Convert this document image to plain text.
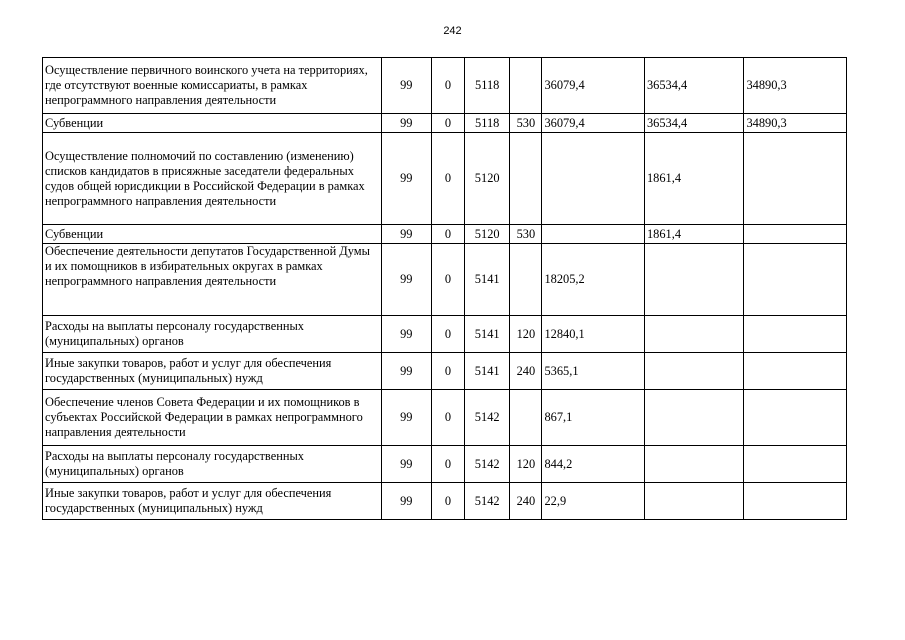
242
Осуществление первичного воинского учета на территориях, где отсутствуют военные комиссариаты, в рамках непрограммного направления деятельности	99	0	5118		36079,4	36534,4	34890,3
Субвенции	99	0	5118	530	36079,4	36534,4	34890,3
Осуществление полномочий по составлению (изменению) списков кандидатов в присяжные заседатели федеральных судов общей юрисдикции в Российской Федерации в рамках непрограммного направления деятельности	99	0	5120			1861,4	
Субвенции	99	0	5120	530		1861,4	
Обеспечение деятельности депутатов Государственной Думы и их помощников в избирательных округах в рамках непрограммного направления деятельности	99	0	5141		18205,2		
Расходы на выплаты персоналу государственных (муниципальных) органов	99	0	5141	120	12840,1		
Иные закупки товаров, работ и услуг для обеспечения государственных (муниципальных) нужд	99	0	5141	240	5365,1		
Обеспечение членов Совета Федерации и их помощников в субъектах Российской Федерации в рамках непрограммного направления деятельности	99	0	5142		867,1		
Расходы на выплаты персоналу государственных (муниципальных) органов	99	0	5142	120	844,2		
Иные закупки товаров, работ и услуг для обеспечения государственных (муниципальных) нужд	99	0	5142	240	22,9		
